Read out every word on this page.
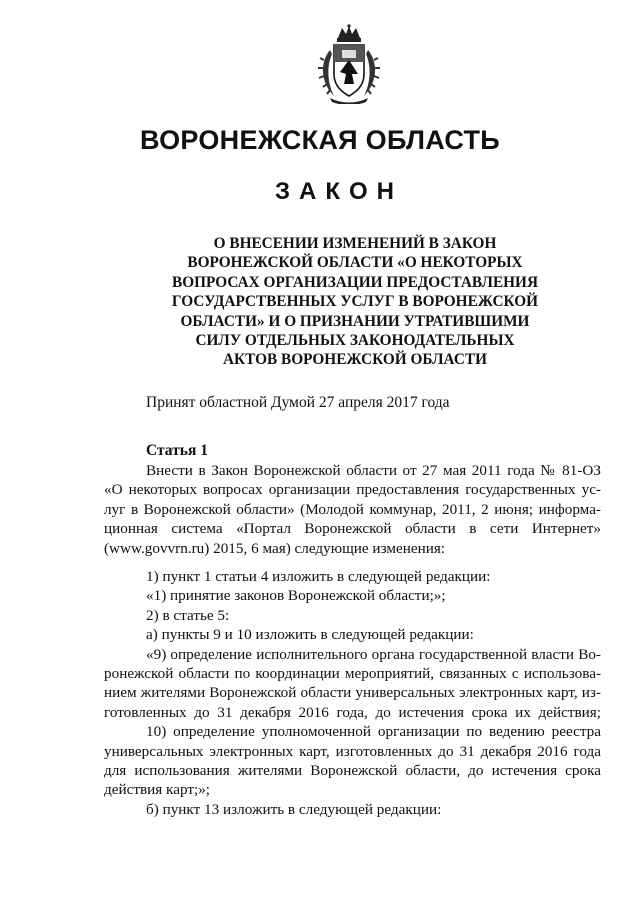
ВОРОНЕЖСКАЯ ОБЛАСТЬ
ЗАКОН
О ВНЕСЕНИИ ИЗМЕНЕНИЙ В ЗАКОН
ВОРОНЕЖСКОЙ ОБЛАСТИ «О НЕКОТОРЫХ
ВОПРОСАХ ОРГАНИЗАЦИИ ПРЕДОСТАВЛЕНИЯ
ГОСУДАРСТВЕННЫХ УСЛУГ В ВОРОНЕЖСКОЙ
ОБЛАСТИ» И О ПРИЗНАНИИ УТРАТИВШИМИ
СИЛУ ОТДЕЛЬНЫХ ЗАКОНОДАТЕЛЬНЫХ
АКТОВ ВОРОНЕЖСКОЙ ОБЛАСТИ
Принят областной Думой 27 апреля 2017 года
Статья 1
Внести в Закон Воронежской области от 27 мая 2011 года № 81-ОЗ
«О некоторых вопросах организации предоставления государственных ус-
луг в Воронежской области» (Молодой коммунар, 2011, 2 июня; информа-
ционная система «Портал Воронежской области в сети Интернет»
(www.govvrn.ru) 2015, 6 мая) следующие изменения:
1) пункт 1 статьи 4 изложить в следующей редакции:
«1) принятие законов Воронежской области;»;
2) в статье 5:
а) пункты 9 и 10 изложить в следующей редакции:
«9) определение исполнительного органа государственной власти Во-
ронежской области по координации мероприятий, связанных с использова-
нием жителями Воронежской области универсальных электронных карт, из-
готовленных до 31 декабря 2016 года, до истечения срока их действия;
10) определение уполномоченной организации по ведению реестра
универсальных электронных карт, изготовленных до 31 декабря 2016 года
для использования жителями Воронежской области, до истечения срока
действия карт;»;
б) пункт 13 изложить в следующей редакции:
